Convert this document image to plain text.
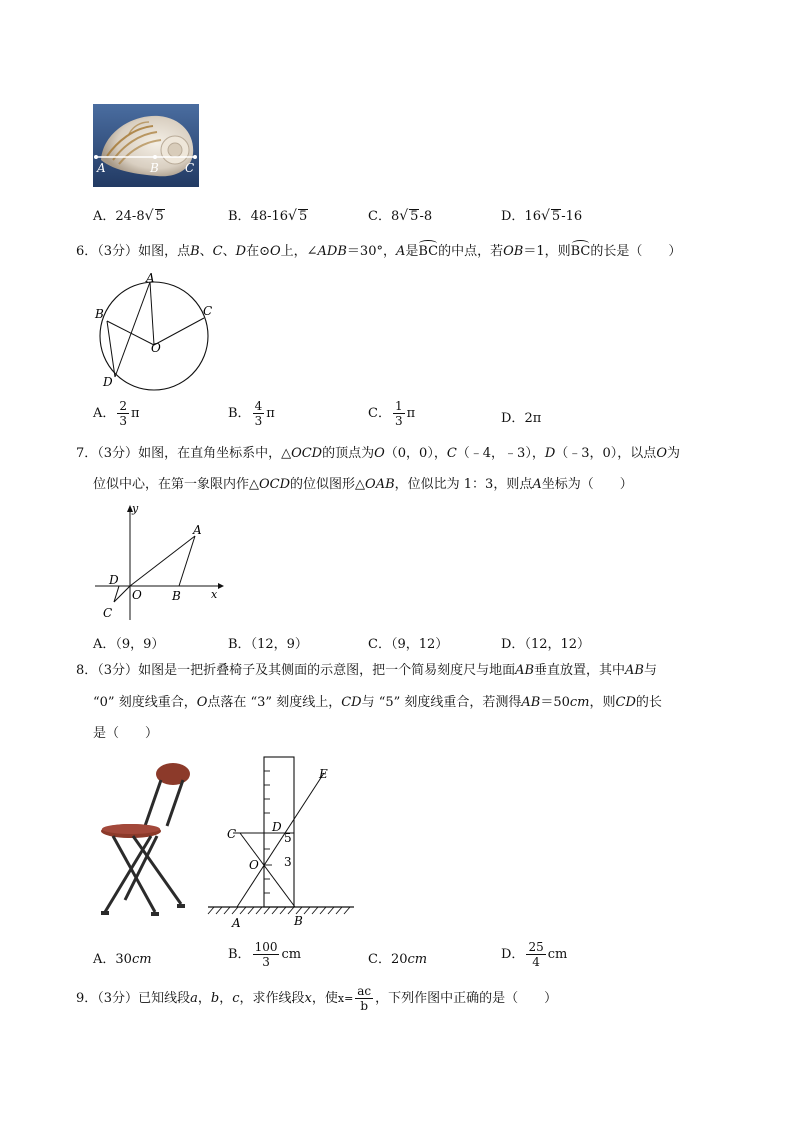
A	B C
A．24-8√ 5	B．48-16√ 5	C．8√ 5-8	D．16√ 5-16
6．（3分）如图，点B、C、D在⊙O上，∠ADB＝30°，A是BC的中点，若OB＝1，则BC的长是（　　）
A
B	C
D
O
A． $\frac{2}{3}$ π	B． $\frac{4}{3}$ π	C． $\frac{1}{3}$ π	D．2π
7．（3分）如图，在直角坐标系中，△OCD的顶点为O（0，0），C（﹣4，﹣3），D（﹣3，0），以点O为
位似中心，在第一象限内作△OCD的位似图形△OAB，位似比为 1：3，则点A坐标为（　　）
y
x
A
D
O	B
C
A．（9，9）	B．（12，9）	C．（9，12）	D．（12，12）
8．（3分）如图是一把折叠椅子及其侧面的示意图，把一个简易刻度尺与地面AB垂直放置，其中AB与
“0” 刻度线重合，O点落在 “3” 刻度线上，CD与 “5” 刻度线重合，若测得AB＝50cm，则CD的长
是（　　）
E
C	D
5
O 3
A	B
A．30cm	B． $\frac{100}{3}$ cm	C．20cm	D． $\frac{25}{4}$ cm
9．（3分）已知线段a，b，c，求作线段x，使$x= \frac{ac}{b}$ ，下列作图中正确的是（　　）
